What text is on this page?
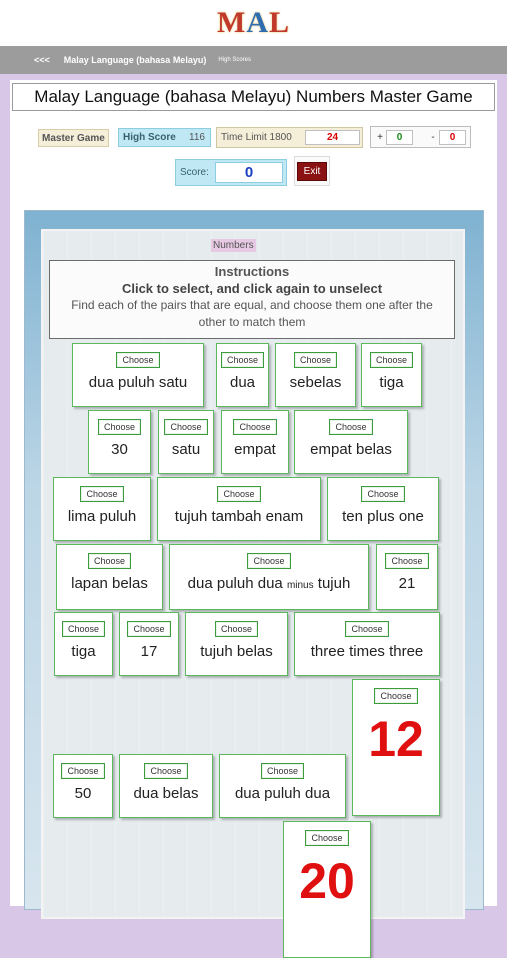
MAL
<<< Malay Language (bahasa Melayu) High Scores
Malay Language (bahasa Melayu) Numbers Master Game
Master Game	High Score 116 Time Limit 1800	24	+	0	-	0
Score:	0	Exit
Numbers
Instructions
Click to select, and click again to unselect
Find each of the pairs that are equal, and choose them one after the other to match them
Choose
dua puluh satu
Choose
dua
Choose
sebelas
Choose
tiga
Choose
30
Choose
satu
Choose
empat
Choose
empat belas
Choose
lima puluh
Choose
tujuh tambah enam
Choose
ten plus one
Choose
lapan belas
Choose
dua puluh dua minus tujuh
Choose
21
Choose
tiga
Choose
17
Choose
tujuh belas
Choose
three times three
Choose
12
Choose
50
Choose
dua belas
Choose
dua puluh dua
Choose
20
